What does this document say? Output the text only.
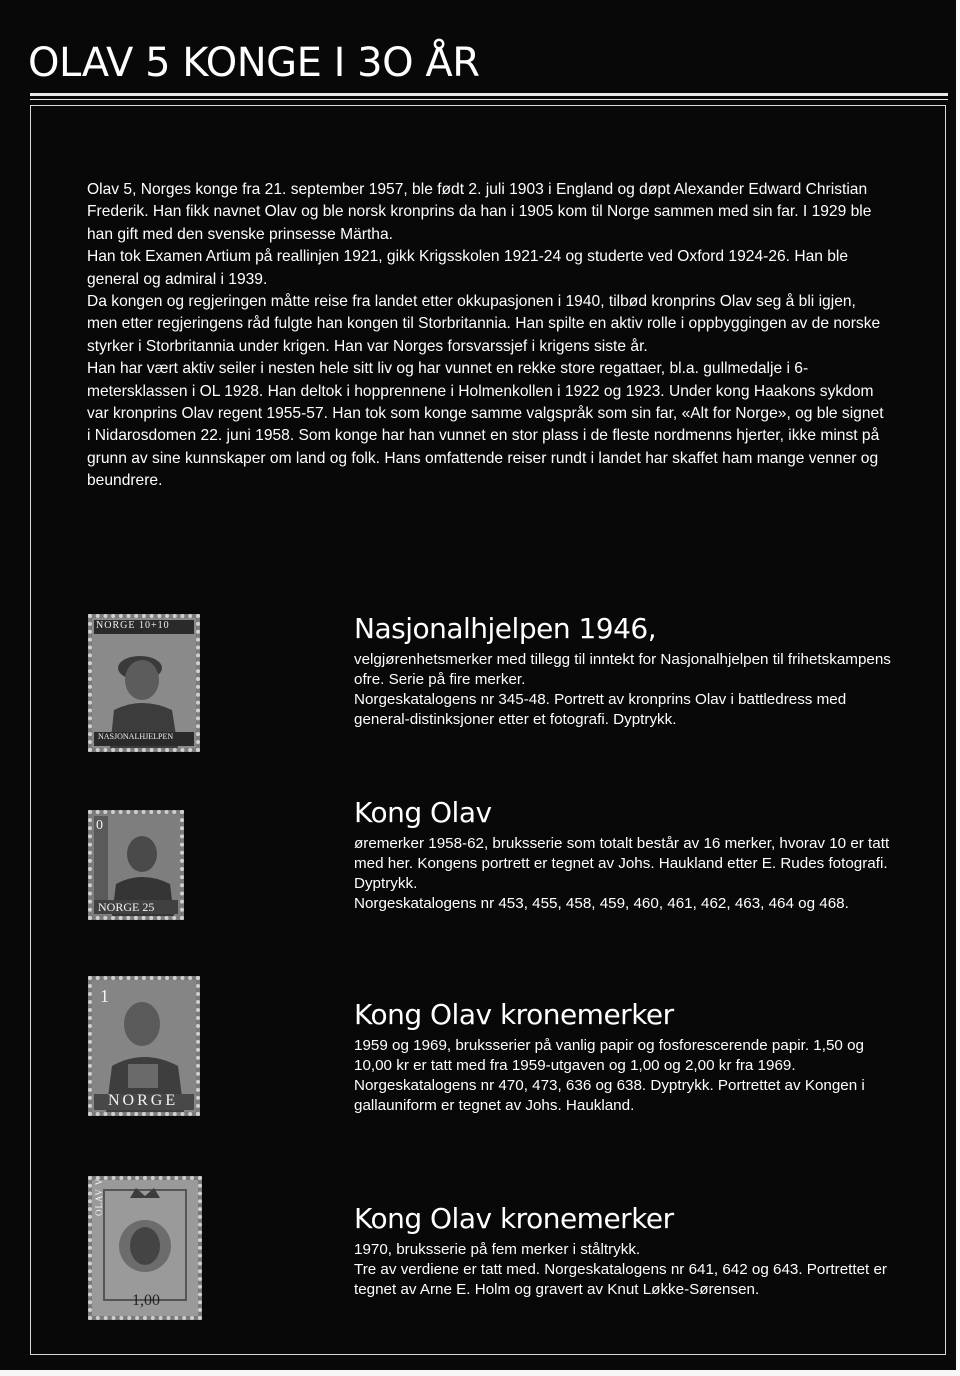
OLAV 5 KONGE I 3O ÅR

Olav 5, Norges konge fra 21. september 1957, ble født 2. juli 1903 i England og døpt Alexander Edward Christian Frederik. Han fikk navnet Olav og ble norsk kronprins da han i 1905 kom til Norge sammen med sin far. I 1929 ble han gift med den svenske prinsesse Märtha.

Han tok Examen Artium på reallinjen 1921, gikk Krigsskolen 1921-24 og studerte ved Oxford 1924-26. Han ble general og admiral i 1939.

Da kongen og regjeringen måtte reise fra landet etter okkupasjonen i 1940, tilbød kronprins Olav seg å bli igjen, men etter regjeringens råd fulgte han kongen til Storbritannia. Han spilte en aktiv rolle i oppbyggingen av de norske styrker i Storbritannia under krigen. Han var Norges forsvarssjef i krigens siste år.

Han har vært aktiv seiler i nesten hele sitt liv og har vunnet en rekke store regattaer, bl.a. gullmedalje i 6-metersklassen i OL 1928. Han deltok i hopprennene i Holmenkollen i 1922 og 1923. Under kong Haakons sykdom var kronprins Olav regent 1955-57. Han tok som konge samme valgspråk som sin far, «Alt for Norge», og ble signet i Nidarosdomen 22. juni 1958. Som konge har han vunnet en stor plass i de fleste nordmenns hjerter, ikke minst på grunn av sine kunnskaper om land og folk. Hans omfattende reiser rundt i landet har skaffet ham mange venner og beundrere.

NORGE 10+10
NASJONALHJELPEN
Nasjonalhjelpen 1946,

velgjørenhetsmerker med tillegg til inntekt for Nasjonalhjelpen til frihetskampens ofre. Serie på fire merker.

Norgeskatalogens nr 345-48. Portrett av kronprins Olav i battledress med general-distinksjoner etter et fotografi. Dyptrykk.

0
NORGE 25
Kong Olav

øremerker 1958-62, bruksserie som totalt består av 16 merker, hvorav 10 er tatt med her. Kongens portrett er tegnet av Johs. Haukland etter E. Rudes fotografi. Dyptrykk.

Norgeskatalogens nr 453, 455, 458, 459, 460, 461, 462, 463, 464 og 468.

1
NORGE
Kong Olav kronemerker

1959 og 1969, bruksserier på vanlig papir og fosforescerende papir. 1,50 og 10,00 kr er tatt med fra 1959-utgaven og 1,00 og 2,00 kr fra 1969. Norgeskatalogens nr 470, 473, 636 og 638. Dyptrykk. Portrettet av Kongen i gallauniform er tegnet av Johs. Haukland.

OLAV V
1,00
Kong Olav kronemerker

1970, bruksserie på fem merker i ståltrykk.

Tre av verdiene er tatt med. Norgeskatalogens nr 641, 642 og 643. Portrettet er tegnet av Arne E. Holm og gravert av Knut Løkke-Sørensen.
